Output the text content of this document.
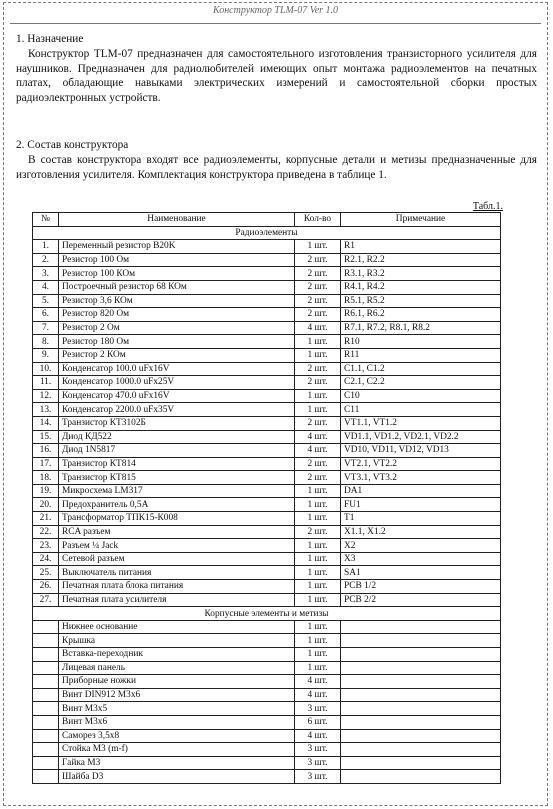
Конструктор TLM-07 Ver 1.0

1. Назначение

Конструктор TLM-07 предназначен для самостоятельного изготовления транзисторного усилителя для наушников. Предназначен для радиолюбителей имеющих опыт монтажа радиоэлементов на печатных платах, обладающие навыками электрических измерений и самостоятельной сборки простых радиоэлектронных устройств.

2. Состав конструктора

В состав конструктора входят все радиоэлементы, корпусные детали и метизы предназначенные для изготовления усилителя. Комплектация конструктора приведена в таблице 1.

Табл.1.
№	Наименование	Кол-во	Примечание
Радиоэлементы			
1.	Переменный резистор B20K	1 шт.	R1
2.	Резистор 100 Ом	2 шт.	R2.1, R2.2
3.	Резистор 100 КОм	2 шт.	R3.1, R3.2
4.	Построечный резистор 68 КОм	2 шт.	R4.1, R4.2
5.	Резистор 3,6 КОм	2 шт.	R5.1, R5.2
6.	Резистор 820 Ом	2 шт.	R6.1, R6.2
7.	Резистор 2 Ом	4 шт.	R7.1, R7.2, R8.1, R8.2
8.	Резистор 180 Ом	1 шт.	R10
9.	Резистор 2 КОм	1 шт.	R11
10.	Конденсатор 100.0 uFx16V	2 шт.	C1.1, C1.2
11.	Конденсатор 1000.0 uFx25V	2 шт.	C2.1, C2.2
12.	Конденсатор 470.0 uFx16V	1 шт.	C10
13.	Конденсатор 2200.0 uFx35V	1 шт.	C11
14.	Транзистор КТ3102Б	2 шт.	VT1.1, VT1.2
15.	Диод КД522	4 шт.	VD1.1, VD1.2, VD2.1, VD2.2
16.	Диод 1N5817	4 шт.	VD10, VD11, VD12, VD13
17.	Транзистор КТ814	2 шт.	VT2.1, VT2.2
18.	Транзистор КТ815	2 шт.	VT3.1, VT3.2
19.	Микросхема LM317	1 шт.	DA1
20.	Предохранитель 0,5A	1 шт.	FU1
21.	Трансформатор ТПК15-К008	1 шт.	T1
22.	RCA разъем	2 шт.	X1.1, X1.2
23.	Разъем ¼ Jack	1 шт.	X2
24.	Сетевой разъем	1 шт.	X3
25.	Выключатель питания	1 шт.	SA1
26.	Печатная плата блока питания	1 шт.	PCB 1/2
27.	Печатная плата усилителя	1 шт.	PCB 2/2
Корпусные элементы и метизы			
	Нижнее основание	1 шт.	
	Крышка	1 шт.	
	Вставка-переходник	1 шт.	
	Лицевая панель	1 шт.	
	Приборные ножки	4 шт.	
	Винт DIN912 М3x6	4 шт.	
	Винт М3x5	3 шт.	
	Винт М3x6	6 шт.	
	Саморез 3,5x8	4 шт.	
	Стойка М3 (m-f)	3 шт.	
	Гайка М3	3 шт.	
	Шайба D3	3 шт.	
